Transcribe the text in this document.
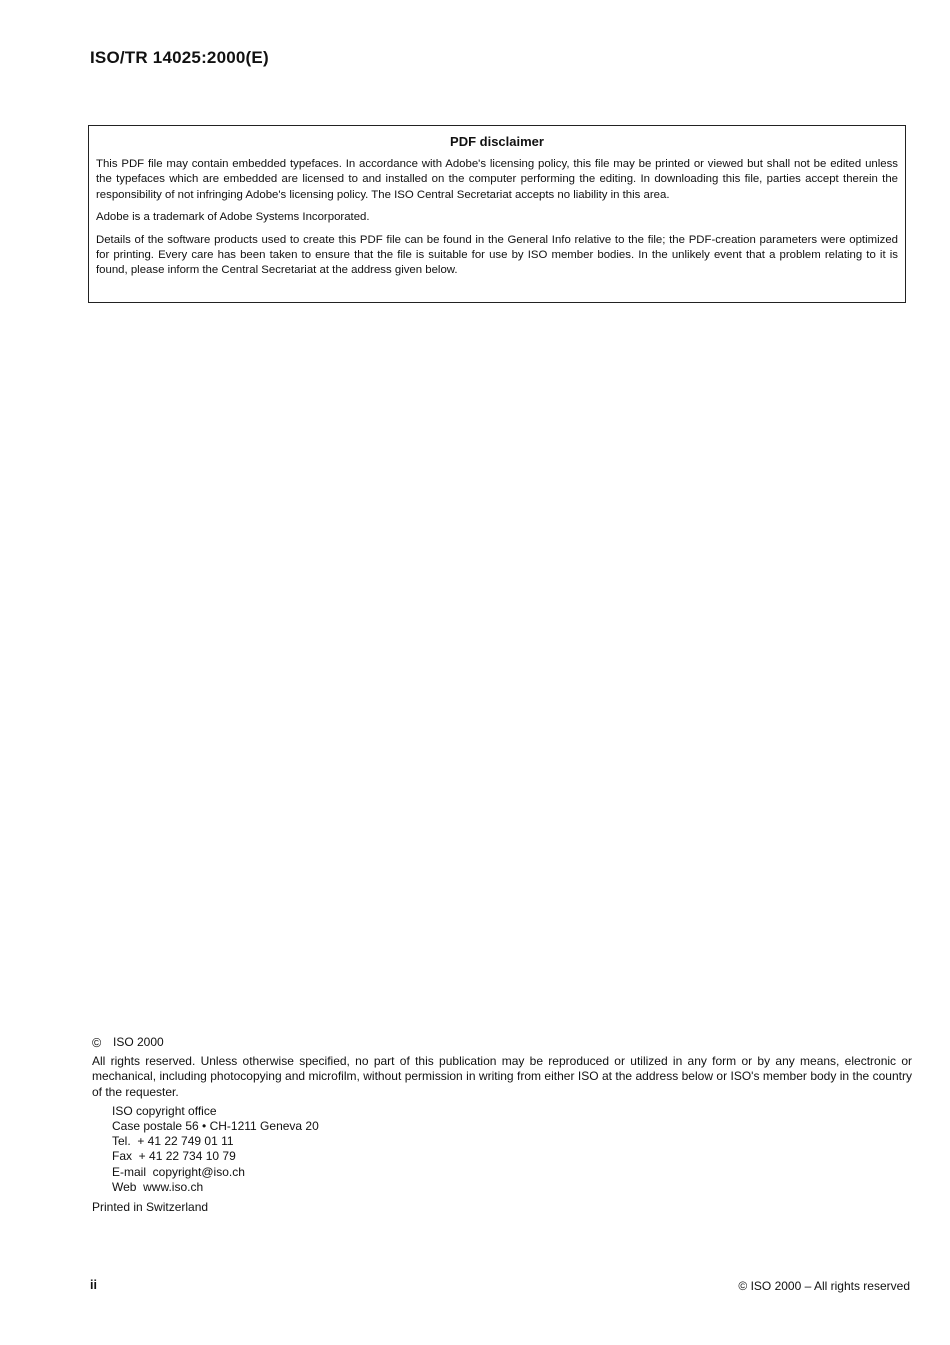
ISO/TR 14025:2000(E)
PDF disclaimer

This PDF file may contain embedded typefaces. In accordance with Adobe's licensing policy, this file may be printed or viewed but shall not be edited unless the typefaces which are embedded are licensed to and installed on the computer performing the editing. In downloading this file, parties accept therein the responsibility of not infringing Adobe's licensing policy. The ISO Central Secretariat accepts no liability in this area.

Adobe is a trademark of Adobe Systems Incorporated.

Details of the software products used to create this PDF file can be found in the General Info relative to the file; the PDF-creation parameters were optimized for printing. Every care has been taken to ensure that the file is suitable for use by ISO member bodies. In the unlikely event that a problem relating to it is found, please inform the Central Secretariat at the address given below.

© ISO 2000
All rights reserved. Unless otherwise specified, no part of this publication may be reproduced or utilized in any form or by any means, electronic or mechanical, including photocopying and microfilm, without permission in writing from either ISO at the address below or ISO's member body in the country of the requester.
ISO copyright office
Case postale 56 • CH-1211 Geneva 20
Tel.  + 41 22 749 01 11
Fax  + 41 22 734 10 79
E-mail  copyright@iso.ch
Web  www.iso.ch
Printed in Switzerland
ii	© ISO 2000 – All rights reserved
